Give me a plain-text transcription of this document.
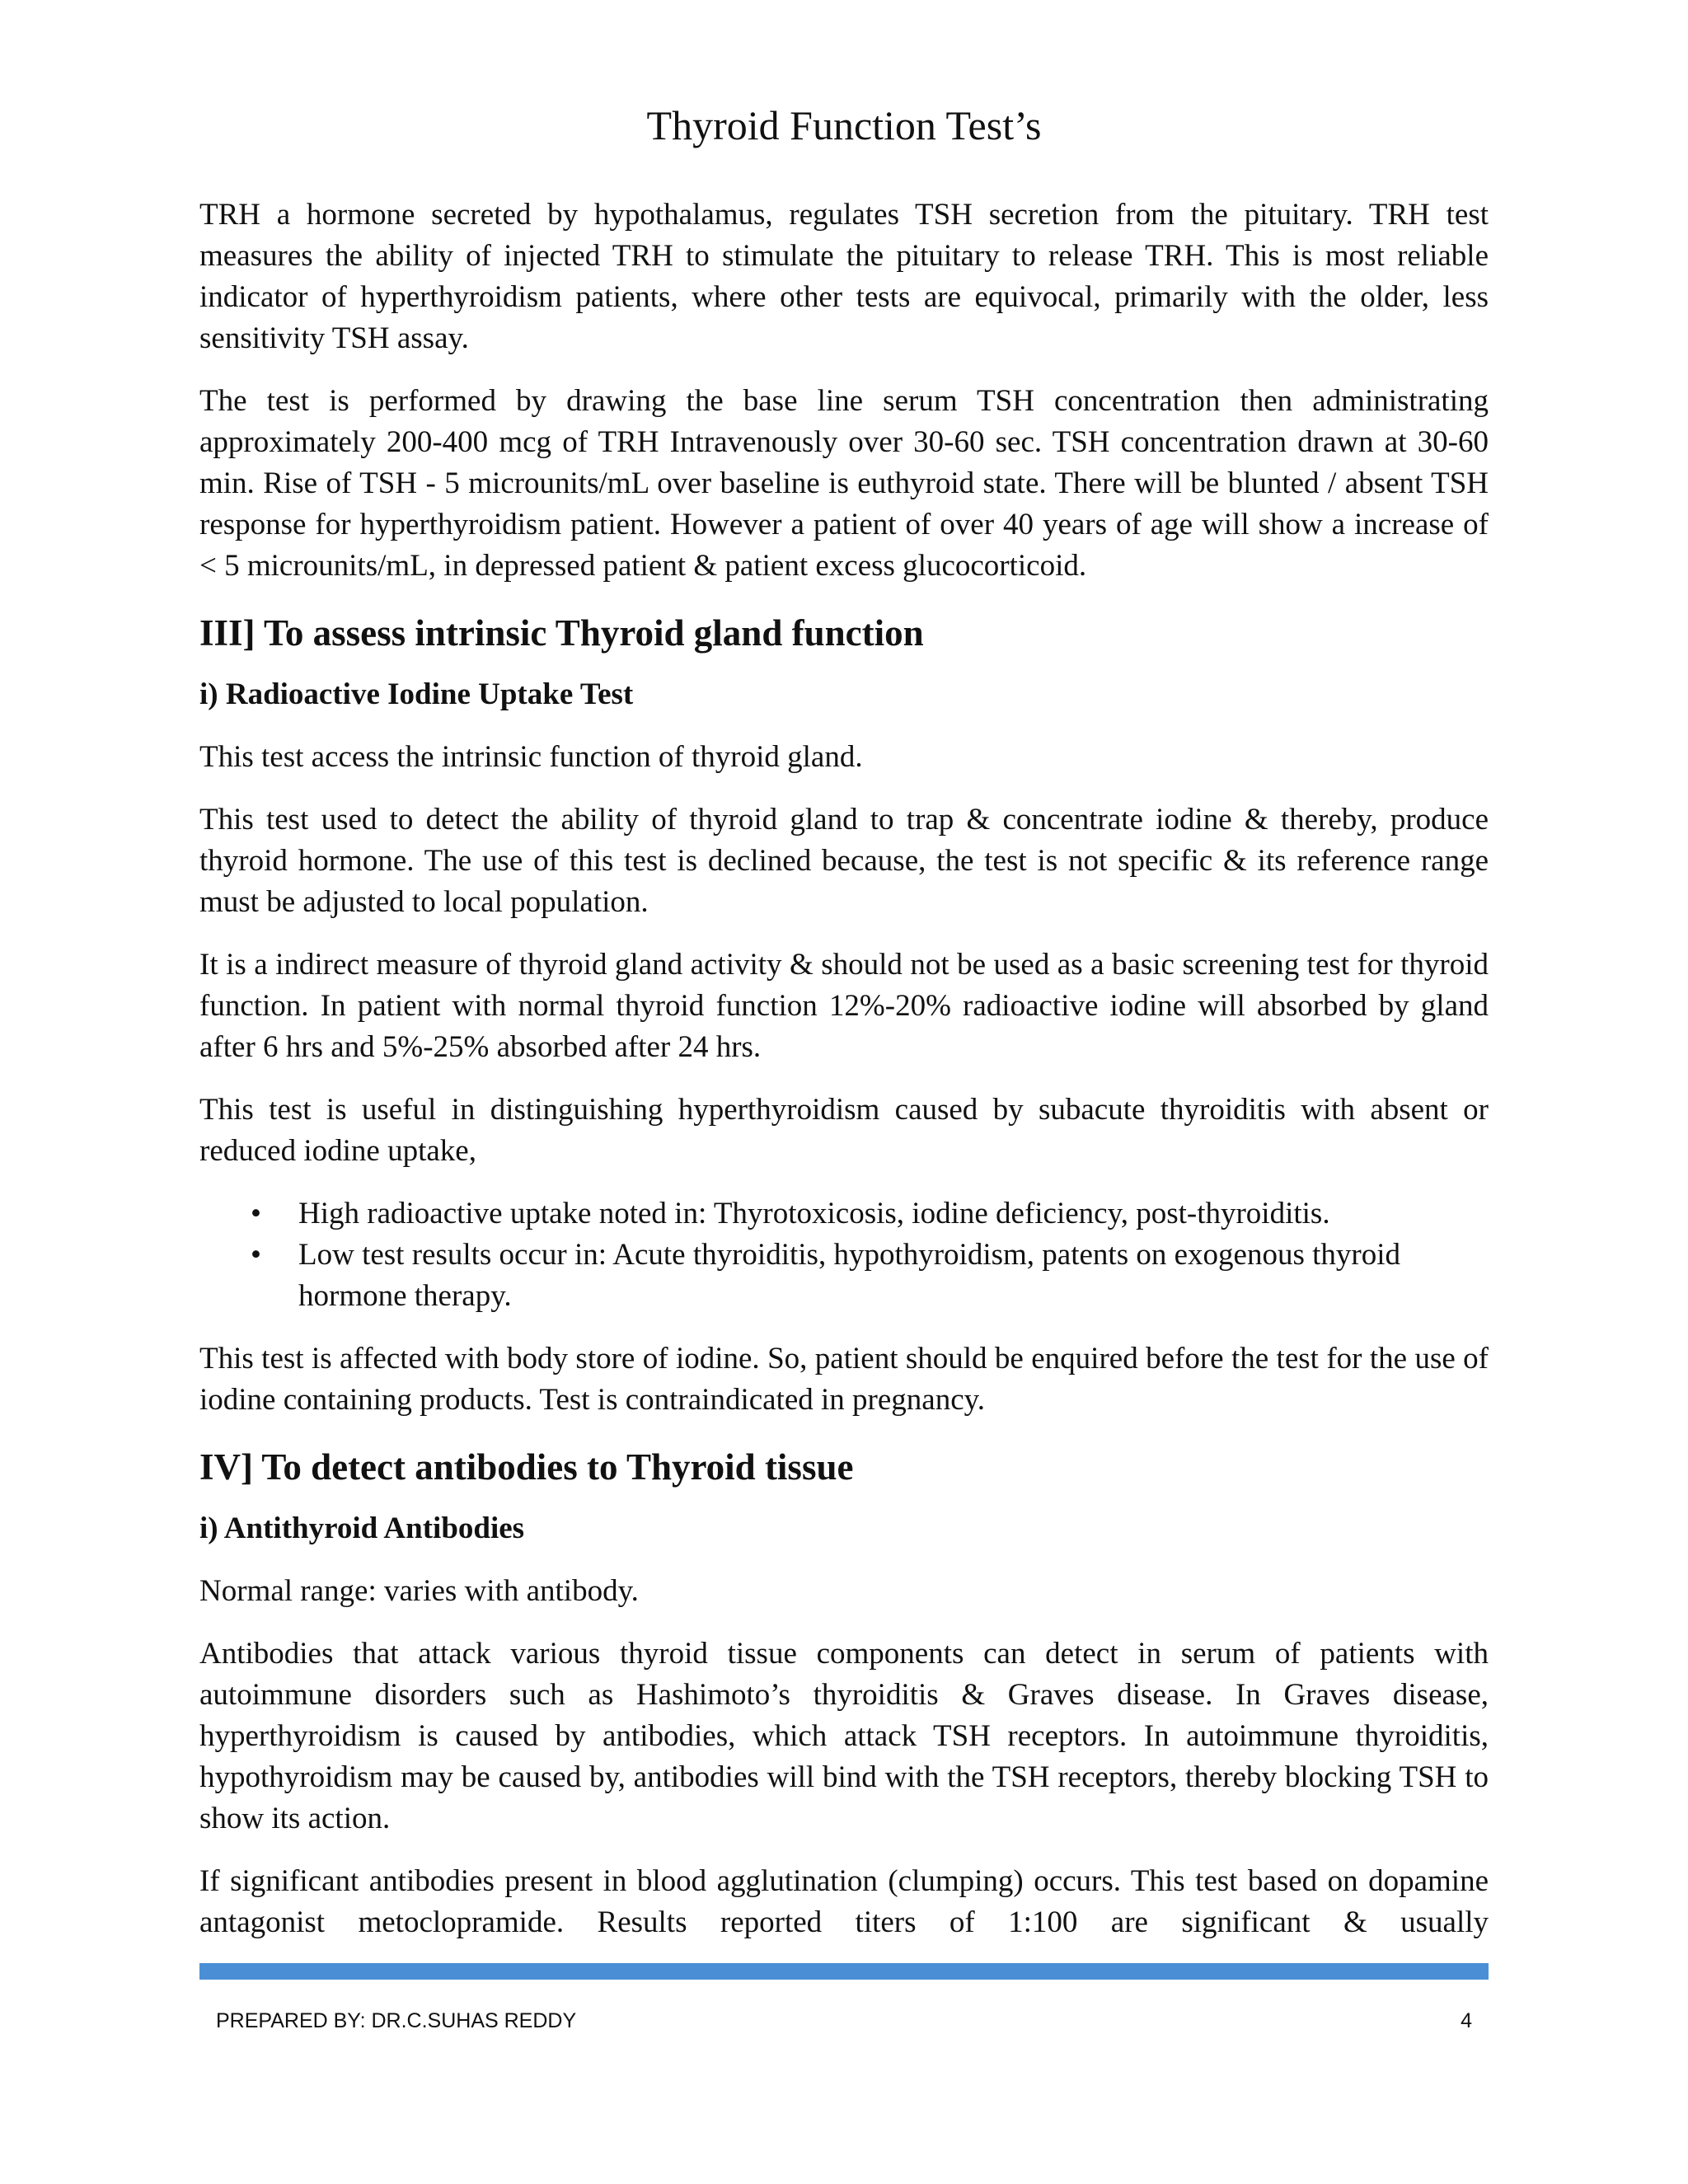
Thyroid Function Test’s

TRH a hormone secreted by hypothalamus, regulates TSH secretion from the pituitary. TRH test measures the ability of injected TRH to stimulate the pituitary to release TRH. This is most reliable indicator of hyperthyroidism patients, where other tests are equivocal, primarily with the older, less sensitivity TSH assay.

The test is performed by drawing the base line serum TSH concentration then administrating approximately 200-400 mcg of TRH Intravenously over 30-60 sec. TSH concentration drawn at 30-60 min. Rise of TSH - 5 microunits/mL over baseline is euthyroid state. There will be blunted / absent TSH response for hyperthyroidism patient. However a patient of over 40 years of age will show a increase of < 5 microunits/mL, in depressed patient & patient excess glucocorticoid.

III] To assess intrinsic Thyroid gland function
i) Radioactive Iodine Uptake Test

This test access the intrinsic function of thyroid gland.

This test used to detect the ability of thyroid gland to trap & concentrate iodine & thereby, produce thyroid hormone. The use of this test is declined because, the test is not specific & its reference range must be adjusted to local population.

It is a indirect measure of thyroid gland activity & should not be used as a basic screening test for thyroid function. In patient with normal thyroid function 12%-20% radioactive iodine will absorbed by gland after 6 hrs and 5%-25% absorbed after 24 hrs.

This test is useful in distinguishing hyperthyroidism caused by subacute thyroiditis with absent or reduced iodine uptake,

• High radioactive uptake noted in: Thyrotoxicosis, iodine deficiency, post-thyroiditis.
• Low test results occur in: Acute thyroiditis, hypothyroidism, patents on exogenous thyroid hormone therapy.

This test is affected with body store of iodine. So, patient should be enquired before the test for the use of iodine containing products. Test is contraindicated in pregnancy.

IV] To detect antibodies to Thyroid tissue
i) Antithyroid Antibodies

Normal range: varies with antibody.

Antibodies that attack various thyroid tissue components can detect in serum of patients with autoimmune disorders such as Hashimoto’s thyroiditis & Graves disease. In Graves disease, hyperthyroidism is caused by antibodies, which attack TSH receptors. In autoimmune thyroiditis, hypothyroidism may be caused by, antibodies will bind with the TSH receptors, thereby blocking TSH to show its action.

If significant antibodies present in blood agglutination (clumping) occurs. This test based on dopamine antagonist metoclopramide. Results reported titers of 1:100 are significant & usually

PREPARED BY: DR.C.SUHAS REDDY	4
